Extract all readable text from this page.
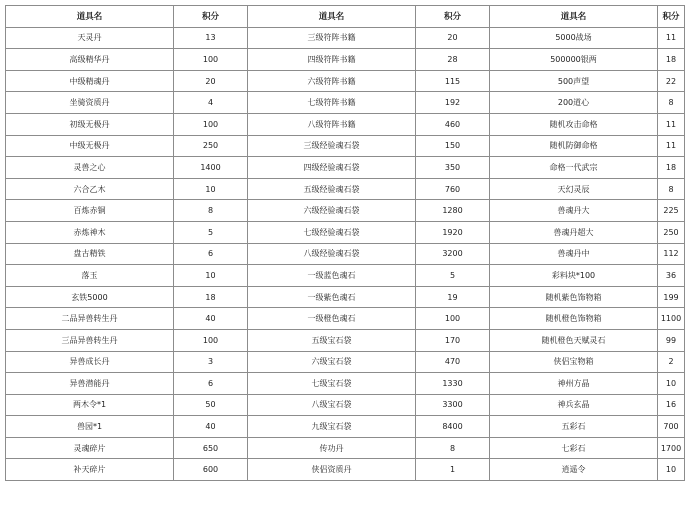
道具名	积分	道具名	积分	道具名	积分
天灵丹	13	三级符阵书籍	20	5000战场	11
高级精华丹	100	四级符阵书籍	28	500000银两	18
中级精魂丹	20	六级符阵书籍	115	500声望	22
坐骑资质丹	4	七级符阵书籍	192	200道心	8
初级无极丹	100	八级符阵书籍	460	随机攻击命格	11
中级无极丹	250	三级经验魂石袋	150	随机防御命格	11
灵兽之心	1400	四级经验魂石袋	350	命格一代武宗	18
六合乙木	10	五级经验魂石袋	760	天幻灵辰	8
百炼赤铜	8	六级经验魂石袋	1280	兽魂丹大	225
赤炼神木	5	七级经验魂石袋	1920	兽魂丹超大	250
盘古精铁	6	八级经验魂石袋	3200	兽魂丹中	112
落玉	10	一级蓝色魂石	5	彩料块*100	36
玄铁5000	18	一级紫色魂石	19	随机紫色饰物箱	199
二品异兽转生丹	40	一级橙色魂石	100	随机橙色饰物箱	1100
三品异兽转生丹	100	五级宝石袋	170	随机橙色天赋灵石	99
异兽成长丹	3	六级宝石袋	470	侠侣宝物箱	2
异兽潜能丹	6	七级宝石袋	1330	神州方晶	10
两木令*1	50	八级宝石袋	3300	神兵玄晶	16
兽园*1	40	九级宝石袋	8400	五彩石	700
灵魂碎片	650	传功丹	8	七彩石	1700
补天碎片	600	侠侣资质丹	1	逍遥令	10
